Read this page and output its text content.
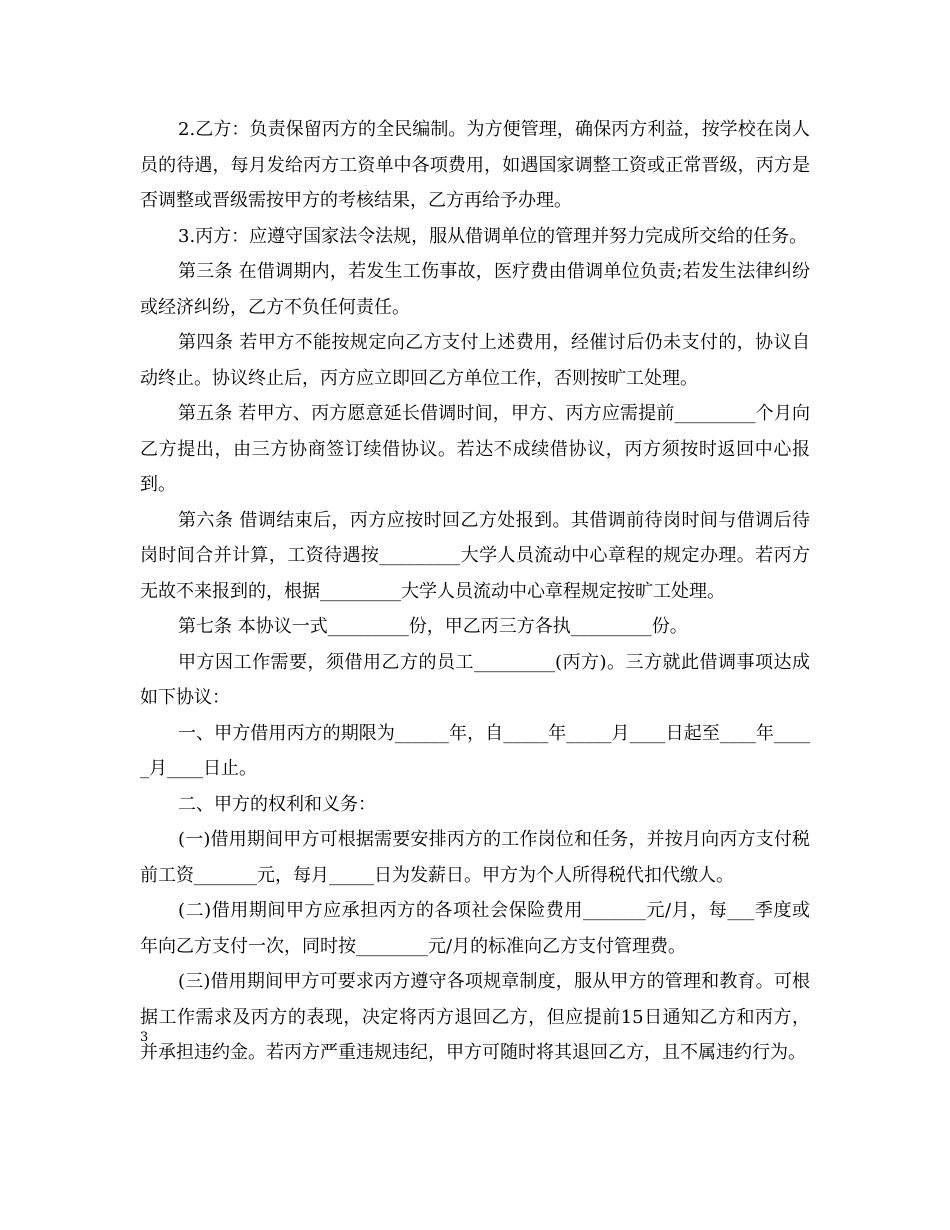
2.乙方：负责保留丙方的全民编制。为方便管理，确保丙方利益，按学校在岗人员的待遇，每月发给丙方工资单中各项费用，如遇国家调整工资或正常晋级，丙方是否调整或晋级需按甲方的考核结果，乙方再给予办理。

3.丙方：应遵守国家法令法规，服从借调单位的管理并努力完成所交给的任务。

第三条 在借调期内，若发生工伤事故，医疗费由借调单位负责;若发生法律纠纷或经济纠纷，乙方不负任何责任。

第四条 若甲方不能按规定向乙方支付上述费用，经催讨后仍未支付的，协议自动终止。协议终止后，丙方应立即回乙方单位工作，否则按旷工处理。

第五条 若甲方、丙方愿意延长借调时间，甲方、丙方应需提前_________个月向乙方提出，由三方协商签订续借协议。若达不成续借协议，丙方须按时返回中心报到。

第六条 借调结束后，丙方应按时回乙方处报到。其借调前待岗时间与借调后待岗时间合并计算，工资待遇按_________大学人员流动中心章程的规定办理。若丙方无故不来报到的，根据_________大学人员流动中心章程规定按旷工处理。

第七条 本协议一式_________份，甲乙丙三方各执_________份。

甲方因工作需要，须借用乙方的员工_________(丙方)。三方就此借调事项达成如下协议：

一、甲方借用丙方的期限为______年，自_____年_____月____日起至____年_____月____日止。

二、甲方的权利和义务：

(一)借用期间甲方可根据需要安排丙方的工作岗位和任务，并按月向丙方支付税前工资_______元，每月_____日为发薪日。甲方为个人所得税代扣代缴人。

(二)借用期间甲方应承担丙方的各项社会保险费用_______元/月，每___季度或年向乙方支付一次，同时按________元/月的标准向乙方支付管理费。

(三)借用期间甲方可要求丙方遵守各项规章制度，服从甲方的管理和教育。可根据工作需求及丙方的表现，决定将丙方退回乙方，但应提前15日通知乙方和丙方，并承担违约金。若丙方严重违规违纪，甲方可随时将其退回乙方，且不属违约行为。

3
